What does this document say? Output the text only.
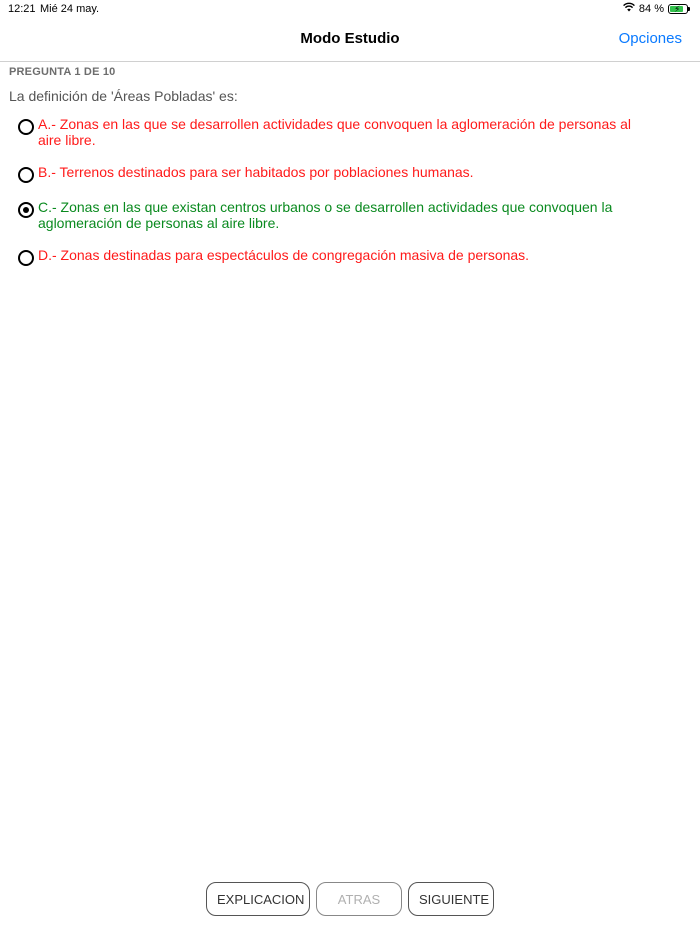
12:21 Mié 24 may.	84 % ⚡
Modo Estudio	Opciones
PREGUNTA 1 DE 10
La definición de 'Áreas Pobladas' es:
A.- Zonas en las que se desarrollen actividades que convoquen la aglomeración de personas al aire libre.
B.- Terrenos destinados para ser habitados por poblaciones humanas.
C.- Zonas en las que existan centros urbanos o se desarrollen actividades que convoquen la aglomeración de personas al aire libre.
D.- Zonas destinadas para espectáculos de congregación masiva de personas.
EXPLICACION	ATRAS	SIGUIENTE
